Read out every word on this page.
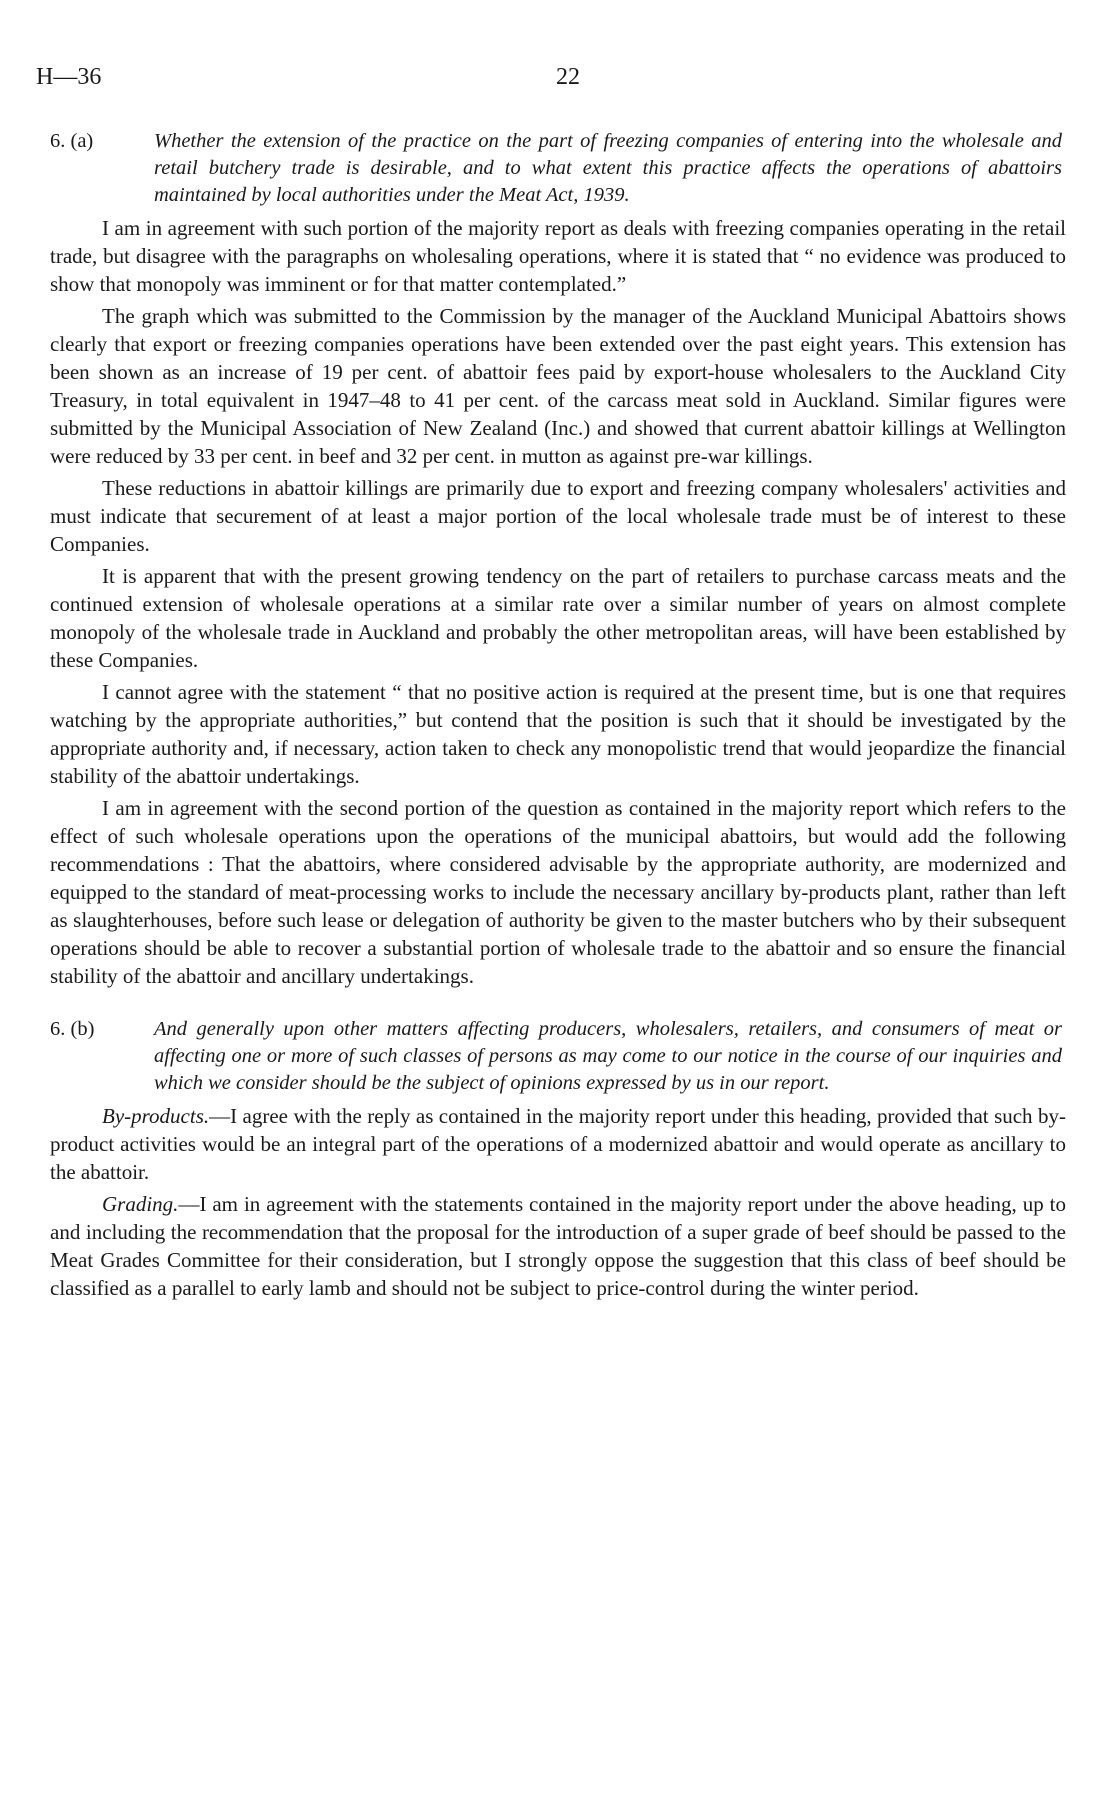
H—36	22
6. (a)	Whether the extension of the practice on the part of freezing companies of entering into the wholesale and retail butchery trade is desirable, and to what extent this practice affects the operations of abattoirs maintained by local authorities under the Meat Act, 1939.

I am in agreement with such portion of the majority report as deals with freezing companies operating in the retail trade, but disagree with the paragraphs on wholesaling operations, where it is stated that “ no evidence was produced to show that monopoly was imminent or for that matter contemplated.”

The graph which was submitted to the Commission by the manager of the Auckland Municipal Abattoirs shows clearly that export or freezing companies operations have been extended over the past eight years. This extension has been shown as an increase of 19 per cent. of abattoir fees paid by export-house wholesalers to the Auckland City Treasury, in total equivalent in 1947–48 to 41 per cent. of the carcass meat sold in Auckland. Similar figures were submitted by the Municipal Association of New Zealand (Inc.) and showed that current abattoir killings at Wellington were reduced by 33 per cent. in beef and 32 per cent. in mutton as against pre-war killings.

These reductions in abattoir killings are primarily due to export and freezing company wholesalers' activities and must indicate that securement of at least a major portion of the local wholesale trade must be of interest to these Companies.

It is apparent that with the present growing tendency on the part of retailers to purchase carcass meats and the continued extension of wholesale operations at a similar rate over a similar number of years on almost complete monopoly of the wholesale trade in Auckland and probably the other metropolitan areas, will have been established by these Companies.

I cannot agree with the statement “ that no positive action is required at the present time, but is one that requires watching by the appropriate authorities,” but contend that the position is such that it should be investigated by the appropriate authority and, if necessary, action taken to check any monopolistic trend that would jeopardize the financial stability of the abattoir undertakings.

I am in agreement with the second portion of the question as contained in the majority report which refers to the effect of such wholesale operations upon the operations of the municipal abattoirs, but would add the following recommendations : That the abattoirs, where considered advisable by the appropriate authority, are modernized and equipped to the standard of meat-processing works to include the necessary ancillary by-products plant, rather than left as slaughterhouses, before such lease or delegation of authority be given to the master butchers who by their subsequent operations should be able to recover a substantial portion of wholesale trade to the abattoir and so ensure the financial stability of the abattoir and ancillary undertakings.

6. (b)	And generally upon other matters affecting producers, wholesalers, retailers, and consumers of meat or affecting one or more of such classes of persons as may come to our notice in the course of our inquiries and which we consider should be the subject of opinions expressed by us in our report.

By-products.—I agree with the reply as contained in the majority report under this heading, provided that such by-product activities would be an integral part of the operations of a modernized abattoir and would operate as ancillary to the abattoir.

Grading.—I am in agreement with the statements contained in the majority report under the above heading, up to and including the recommendation that the proposal for the introduction of a super grade of beef should be passed to the Meat Grades Committee for their consideration, but I strongly oppose the suggestion that this class of beef should be classified as a parallel to early lamb and should not be subject to price-control during the winter period.
